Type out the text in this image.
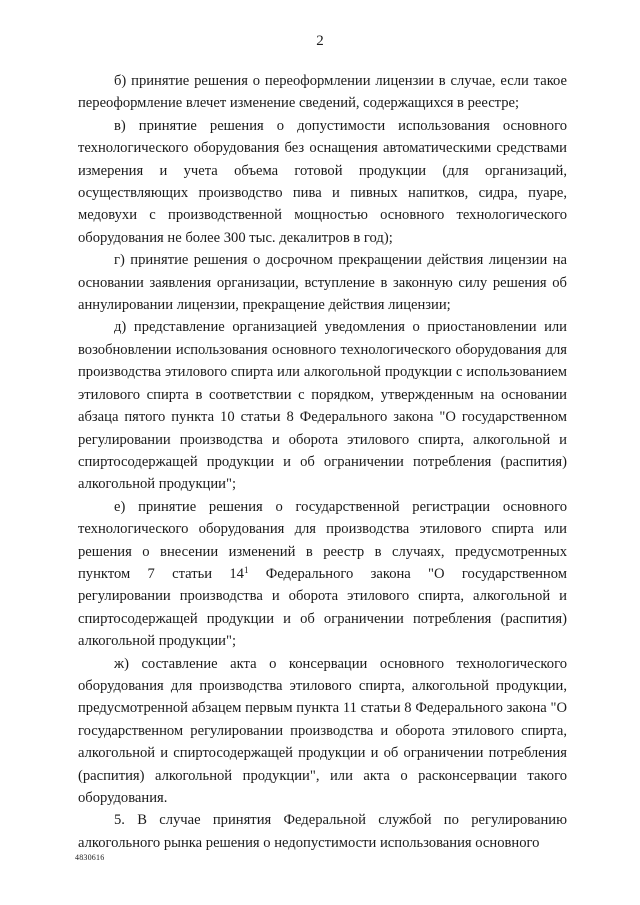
2

б) принятие решения о переоформлении лицензии в случае, если такое переоформление влечет изменение сведений, содержащихся в реестре;

в) принятие решения о допустимости использования основного технологического оборудования без оснащения автоматическими средствами измерения и учета объема готовой продукции (для организаций, осуществляющих производство пива и пивных напитков, сидра, пуаре, медовухи с производственной мощностью основного технологического оборудования не более 300 тыс. декалитров в год);

г) принятие решения о досрочном прекращении действия лицензии на основании заявления организации, вступление в законную силу решения об аннулировании лицензии, прекращение действия лицензии;

д) представление организацией уведомления о приостановлении или возобновлении использования основного технологического оборудования для производства этилового спирта или алкогольной продукции с использованием этилового спирта в соответствии с порядком, утвержденным на основании абзаца пятого пункта 10 статьи 8 Федерального закона "О государственном регулировании производства и оборота этилового спирта, алкогольной и спиртосодержащей продукции и об ограничении потребления (распития) алкогольной продукции";

е) принятие решения о государственной регистрации основного технологического оборудования для производства этилового спирта или решения о внесении изменений в реестр в случаях, предусмотренных пунктом 7 статьи $14^1$ Федерального закона "О государственном регулировании производства и оборота этилового спирта, алкогольной и спиртосодержащей продукции и об ограничении потребления (распития) алкогольной продукции";

ж) составление акта о консервации основного технологического оборудования для производства этилового спирта, алкогольной продукции, предусмотренной абзацем первым пункта 11 статьи 8 Федерального закона "О государственном регулировании производства и оборота этилового спирта, алкогольной и спиртосодержащей продукции и об ограничении потребления (распития) алкогольной продукции", или акта о расконсервации такого оборудования.

5. В случае принятия Федеральной службой по регулированию алкогольного рынка решения о недопустимости использования основного

4830616
